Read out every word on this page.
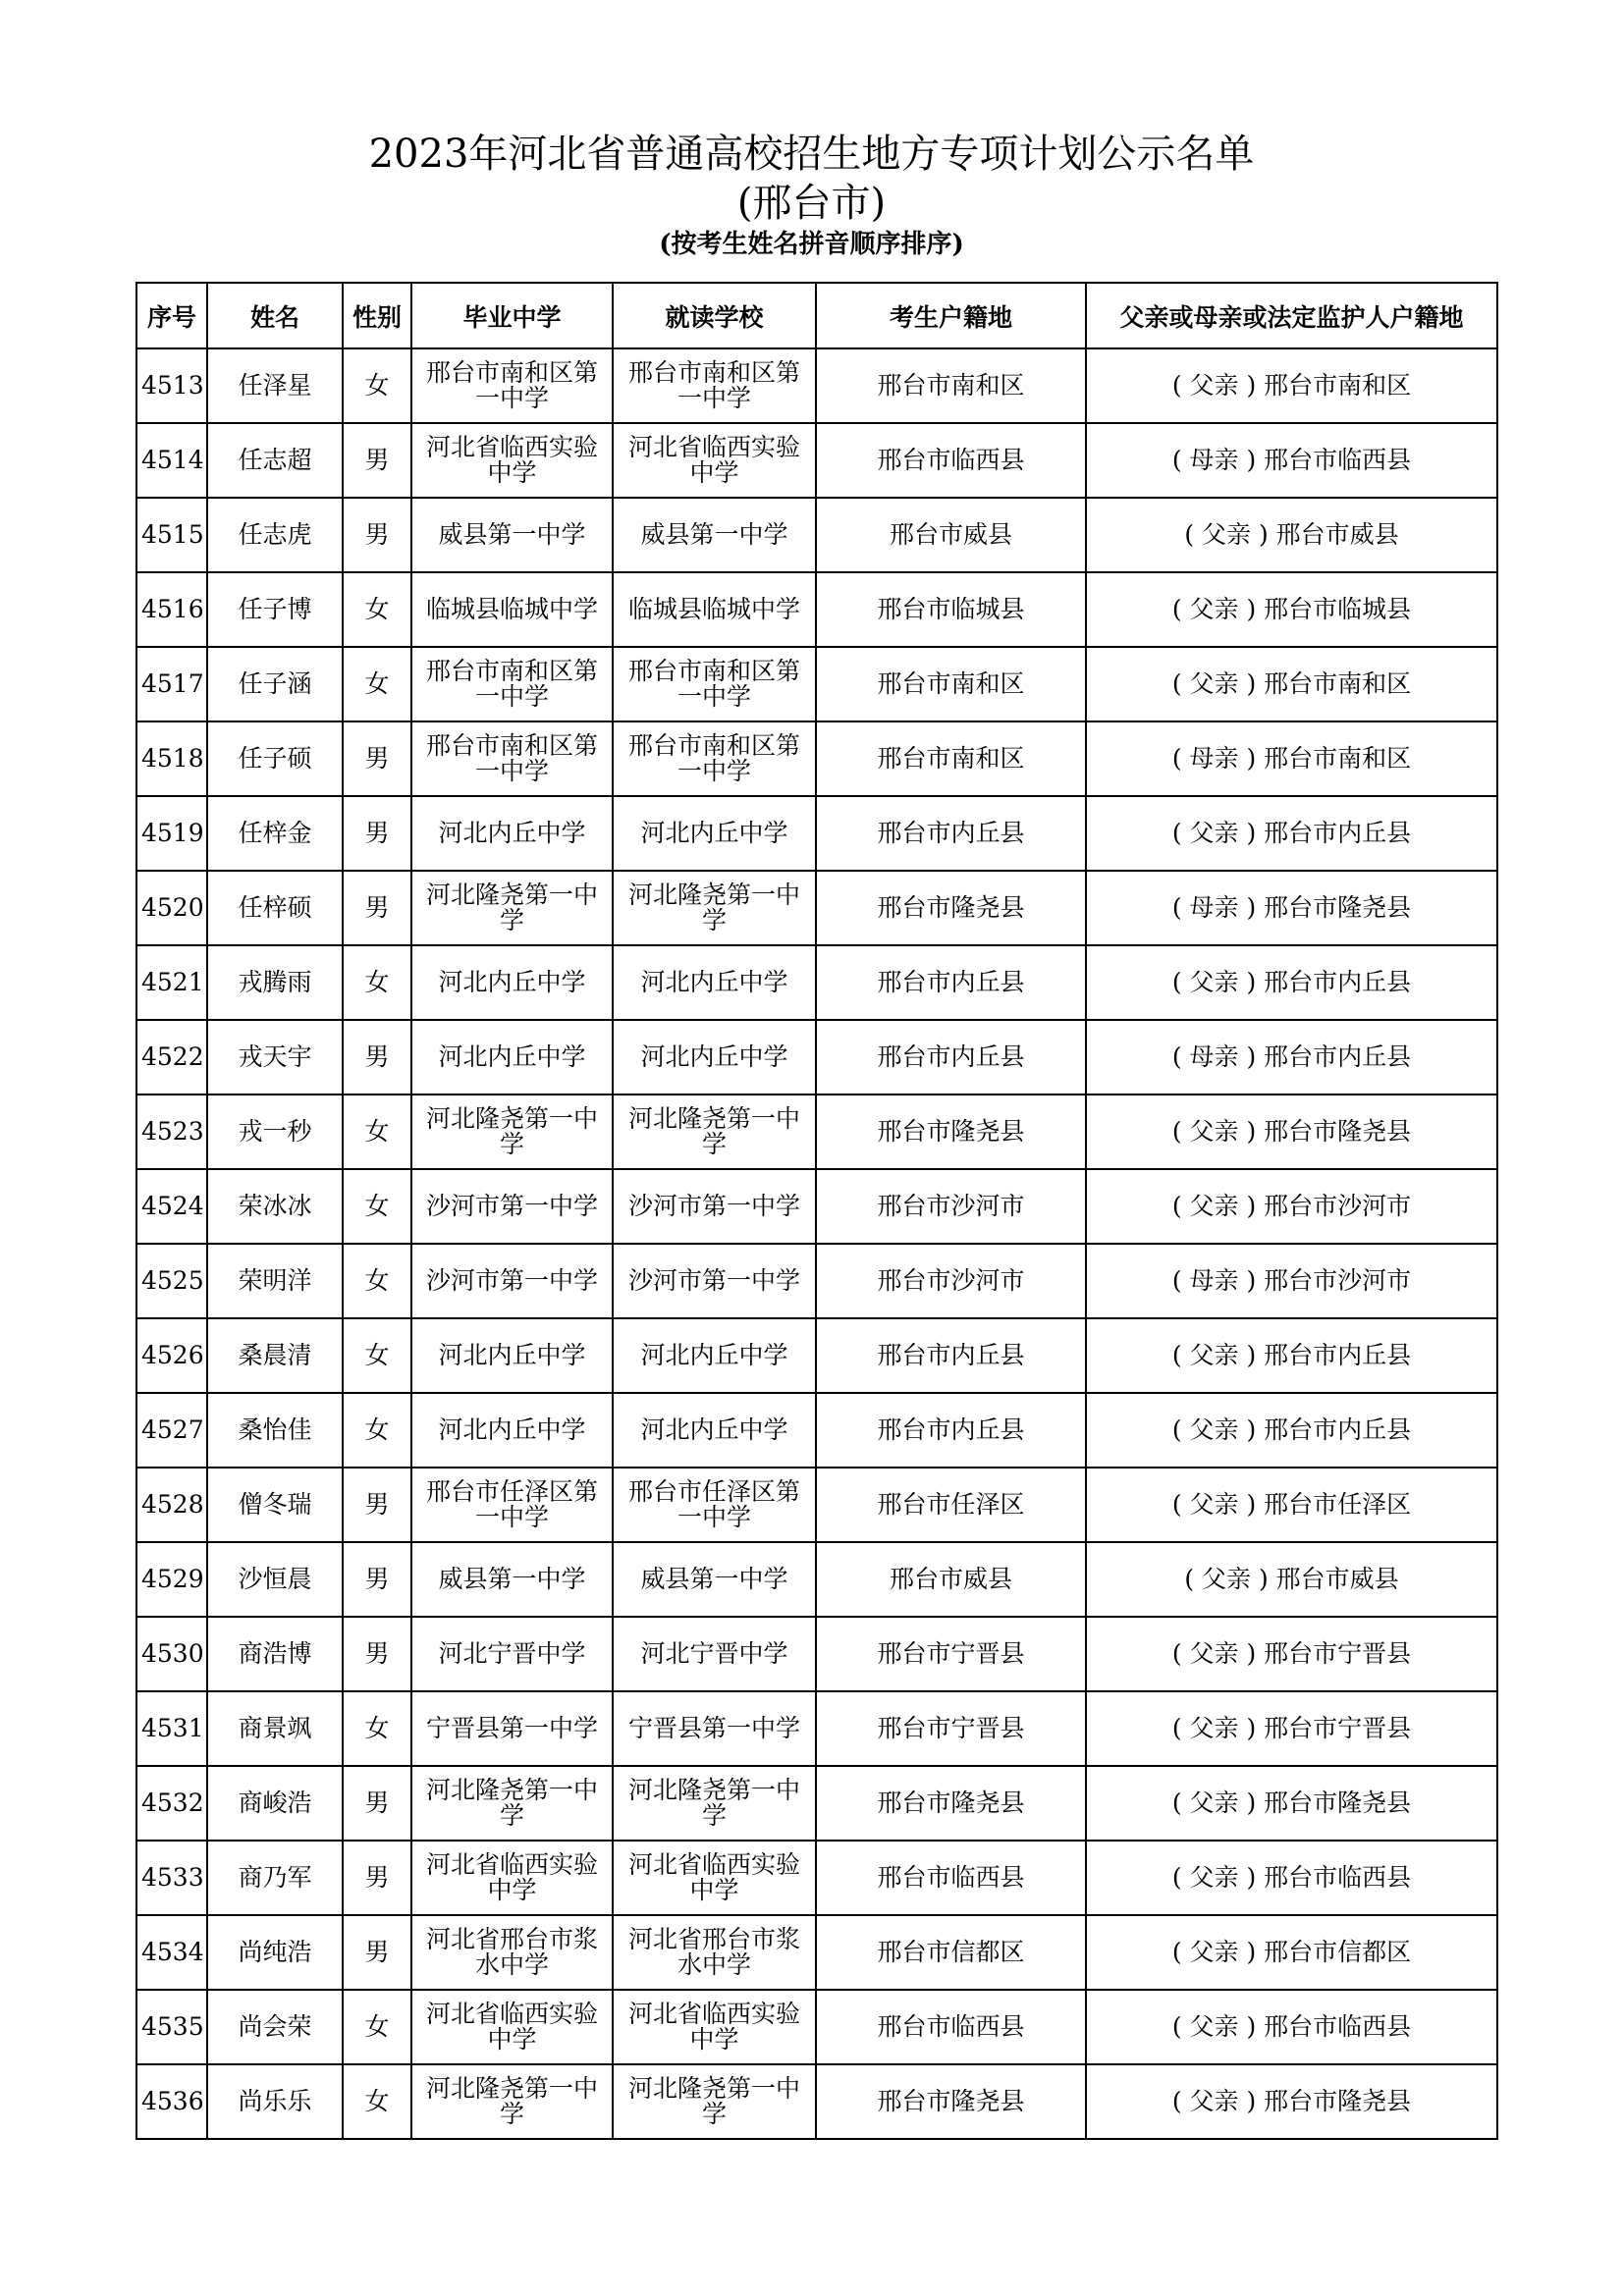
2023年河北省普通高校招生地方专项计划公示名单
(邢台市)
(按考生姓名拼音顺序排序)
序号	姓名	性别	毕业中学	就读学校	考生户籍地	父亲或母亲或法定监护人户籍地
4513	任泽星	女	邢台市南和区第一中学	邢台市南和区第一中学	邢台市南和区	( 父亲 ) 邢台市南和区
4514	任志超	男	河北省临西实验中学	河北省临西实验中学	邢台市临西县	( 母亲 ) 邢台市临西县
4515	任志虎	男	威县第一中学	威县第一中学	邢台市威县	( 父亲 ) 邢台市威县
4516	任子博	女	临城县临城中学	临城县临城中学	邢台市临城县	( 父亲 ) 邢台市临城县
4517	任子涵	女	邢台市南和区第一中学	邢台市南和区第一中学	邢台市南和区	( 父亲 ) 邢台市南和区
4518	任子硕	男	邢台市南和区第一中学	邢台市南和区第一中学	邢台市南和区	( 母亲 ) 邢台市南和区
4519	任梓金	男	河北内丘中学	河北内丘中学	邢台市内丘县	( 父亲 ) 邢台市内丘县
4520	任梓硕	男	河北隆尧第一中学	河北隆尧第一中学	邢台市隆尧县	( 母亲 ) 邢台市隆尧县
4521	戎腾雨	女	河北内丘中学	河北内丘中学	邢台市内丘县	( 父亲 ) 邢台市内丘县
4522	戎天宇	男	河北内丘中学	河北内丘中学	邢台市内丘县	( 母亲 ) 邢台市内丘县
4523	戎一秒	女	河北隆尧第一中学	河北隆尧第一中学	邢台市隆尧县	( 父亲 ) 邢台市隆尧县
4524	荣冰冰	女	沙河市第一中学	沙河市第一中学	邢台市沙河市	( 父亲 ) 邢台市沙河市
4525	荣明洋	女	沙河市第一中学	沙河市第一中学	邢台市沙河市	( 母亲 ) 邢台市沙河市
4526	桑晨清	女	河北内丘中学	河北内丘中学	邢台市内丘县	( 父亲 ) 邢台市内丘县
4527	桑怡佳	女	河北内丘中学	河北内丘中学	邢台市内丘县	( 父亲 ) 邢台市内丘县
4528	僧冬瑞	男	邢台市任泽区第一中学	邢台市任泽区第一中学	邢台市任泽区	( 父亲 ) 邢台市任泽区
4529	沙恒晨	男	威县第一中学	威县第一中学	邢台市威县	( 父亲 ) 邢台市威县
4530	商浩博	男	河北宁晋中学	河北宁晋中学	邢台市宁晋县	( 父亲 ) 邢台市宁晋县
4531	商景飒	女	宁晋县第一中学	宁晋县第一中学	邢台市宁晋县	( 父亲 ) 邢台市宁晋县
4532	商峻浩	男	河北隆尧第一中学	河北隆尧第一中学	邢台市隆尧县	( 父亲 ) 邢台市隆尧县
4533	商乃军	男	河北省临西实验中学	河北省临西实验中学	邢台市临西县	( 父亲 ) 邢台市临西县
4534	尚纯浩	男	河北省邢台市浆水中学	河北省邢台市浆水中学	邢台市信都区	( 父亲 ) 邢台市信都区
4535	尚会荣	女	河北省临西实验中学	河北省临西实验中学	邢台市临西县	( 父亲 ) 邢台市临西县
4536	尚乐乐	女	河北隆尧第一中学	河北隆尧第一中学	邢台市隆尧县	( 父亲 ) 邢台市隆尧县
